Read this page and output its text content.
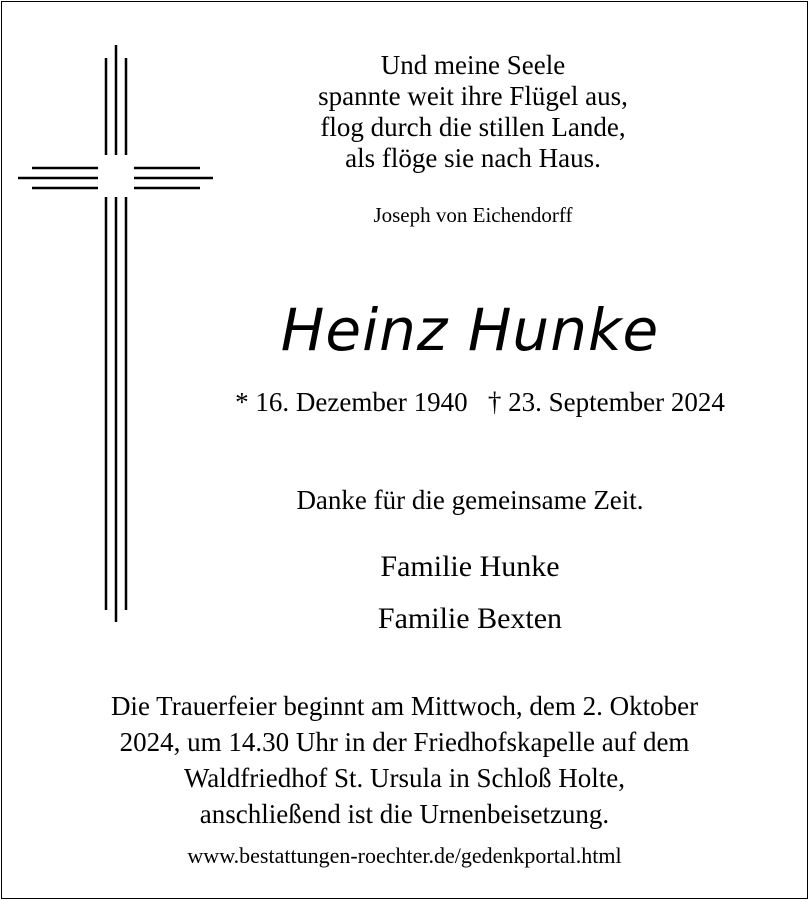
Und meine Seele
spannte weit ihre Flügel aus,
flog durch die stillen Lande,
als flöge sie nach Haus.
Joseph von Eichendorff
Heinz Hunke
* 16. Dezember 1940 † 23. September 2024
Danke für die gemeinsame Zeit.
Familie Hunke
Familie Bexten
Die Trauerfeier beginnt am Mittwoch, dem 2. Oktober
2024, um 14.30 Uhr in der Friedhofskapelle auf dem
Waldfriedhof St. Ursula in Schloß Holte,
anschließend ist die Urnenbeisetzung.
www.bestattungen-roechter.de/gedenkportal.html
